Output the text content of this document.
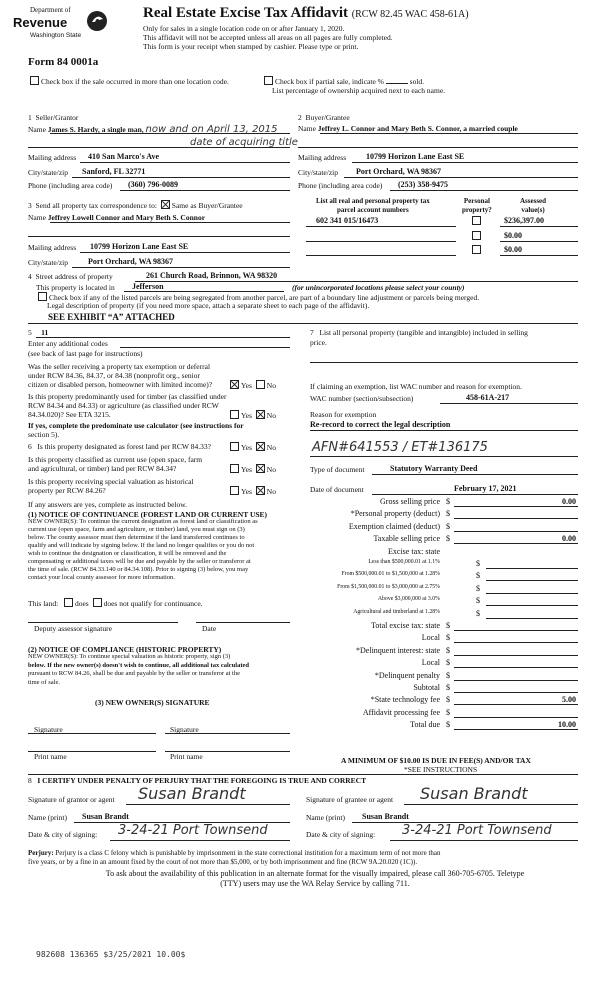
Department of
Revenue
Washington State
Real Estate Excise Tax Affidavit (RCW 82.45 WAC 458-61A)
Only for sales in a single location code on or after January 1, 2020.
This affidavit will not be accepted unless all areas on all pages are fully completed.
This form is your receipt when stamped by cashier. Please type or print.
Form 84 0001a
Check box if the sale occurred in more than one location code.	Check box if partial sale, indicate %	sold.
List percentage of ownership acquired next to each name.
1 Seller/Grantor
Name James S. Hardy, a single man, now and on April 13, 2015
date of acquiring title
Mailing address 410 San Marco's Ave
City/state/zip Sanford, FL 32771
Phone (including area code) (360) 796-0089
2 Buyer/Grantee
Name Jeffrey L. Connor and Mary Beth S. Connor, a married couple
Mailing address 10799 Horizon Lane East SE
City/state/zip Port Orchard, WA 98367
Phone (including area code) (253) 358-9475
3 Send all property tax correspondence to: Same as Buyer/Grantee
Name Jeffrey Lowell Connor and Mary Beth S. Connor
Mailing address 10799 Horizon Lane East SE
City/state/zip	Port Orchard, WA 98367
List all real and personal property tax
parcel account numbers
Personal
property?
Assessed
value(s)
602 341 015/16473	$236,397.00
$0.00
$0.00
4 Street address of property	261 Church Road, Brinnon, WA 98320
This property is located in Jefferson	(for unincorporated locations please select your county)
Check box if any of the listed parcels are being segregated from another parcel, are part of a boundary line adjustment or parcels being merged.
Legal description of property (if you need more space, attach a separate sheet to each page of the affidavit).
SEE EXHIBIT “A” ATTACHED
5 11
Enter any additional codes
(see back of last page for instructions)
Was the seller receiving a property tax exemption or deferral
under RCW 84.36, 84.37, or 84.38 (nonprofit org., senior
citizen or disabled person, homeowner with limited income)?	Yes No
Is this property predominantly used for timber (as classified under
RCW 84.34 and 84.33) or agriculture (as classified under RCW
84.34.020)? See ETA 3215.	Yes No
If yes, complete the predominate use calculator (see instructions for
section 5).
6 Is this property designated as forest land per RCW 84.33?	Yes No
Is this property classified as current use (open space, farm
and agricultural, or timber) land per RCW 84.34?	Yes No
Is this property receiving special valuation as historical
property per RCW 84.26?	Yes No
If any answers are yes, complete as instructed below.
(1) NOTICE OF CONTINUANCE (FOREST LAND OR CURRENT USE)
NEW OWNER(S): To continue the current designation as forest land or classification as
current use (open space, farm and agriculture, or timber) land, you must sign on (3)
below. The county assessor must then determine if the land transferred continues to
qualify and will indicate by signing below. If the land no longer qualifies or you do not
wish to continue the designation or classification, it will be removed and the
compensating or additional taxes will be due and payable by the seller or transferor at
the time of sale. (RCW 84.33.140 or 84.34.108). Prior to signing (3) below, you may
contact your local county assessor for more information.
This land: does does not qualify for continuance.
Deputy assessor signature	Date
(2) NOTICE OF COMPLIANCE (HISTORIC PROPERTY)
NEW OWNER(S): To continue special valuation as historic property, sign (3)
below. If the new owner(s) doesn't wish to continue, all additional tax calculated
pursuant to RCW 84.26, shall be due and payable by the seller or transferor at the
time of sale.
(3) NEW OWNER(S) SIGNATURE
Signature	Signature
Print name	Print name
7 List all personal property (tangible and intangible) included in selling
price.
If claiming an exemption, list WAC number and reason for exemption.
WAC number (section/subsection)	458-61A-217
Reason for exemption
Re-record to correct the legal description
AFN#641553 / ET#136175
Type of document	Statutory Warranty Deed
Date of document	February 17, 2021
Gross selling price $	0.00
*Personal property (deduct) $
Exemption claimed (deduct) $
Taxable selling price $	0.00
Excise tax: state
Less than $500,000.01 at 1.1%	$
From $500,000.01 to $1,500,000 at 1.28%	$
From $1,500,000.01 to $3,000,000 at 2.75%	$
Above $3,000,000 at 3.0%	$
Agricultural and timberland at 1.28%	$
Total excise tax: state $
Local $
*Delinquent interest: state $
Local $
*Delinquent penalty $
Subtotal $
*State technology fee $	5.00
Affidavit processing fee $
Total due $	10.00
A MINIMUM OF $10.00 IS DUE IN FEE(S) AND/OR TAX
*SEE INSTRUCTIONS
8 I CERTIFY UNDER PENALTY OF PERJURY THAT THE FOREGOING IS TRUE AND CORRECT
Signature of grantor or agent Susan Brandt
Name (print) Susan Brandt
Date & city of signing: 3-24-21 Port Townsend
Signature of grantee or agent Susan Brandt
Name (print) Susan Brandt
Date & city of signing: 3-24-21 Port Townsend
Perjury: Perjury is a class C felony which is punishable by imprisonment in the state correctional institution for a maximum term of not more than
five years, or by a fine in an amount fixed by the court of not more than $5,000, or by both imprisonment and fine (RCW 9A.20.020 (1C)).
To ask about the availability of this publication in an alternate format for the visually impaired, please call 360-705-6705. Teletype
(TTY) users may use the WA Relay Service by calling 711.
982608 136365 $3/25/2021 10.00$
